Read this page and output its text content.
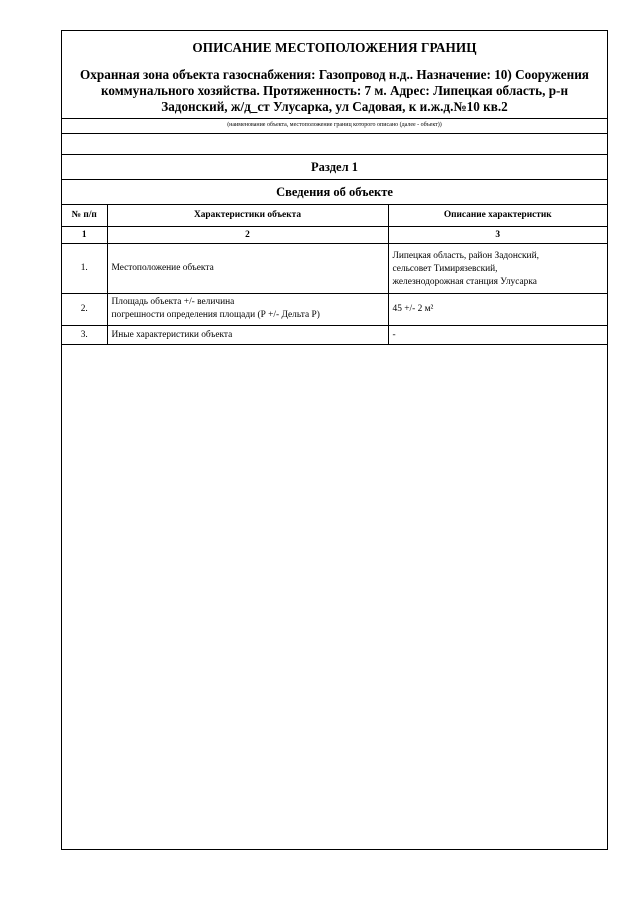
ОПИСАНИЕ МЕСТОПОЛОЖЕНИЯ ГРАНИЦ
Охранная зона объекта газоснабжения: Газопровод н.д.. Назначение: 10) Сооружения коммунального хозяйства. Протяженность: 7 м. Адрес: Липецкая область, р-н Задонский, ж/д_ст Улусарка, ул Садовая, к и.ж.д.№10 кв.2
(наименование объекта, местоположение границ которого описано (далее - объект))
Раздел 1
Сведения об объекте
№ п/п	Характеристики объекта	Описание характеристик
1	2	3
1.	Местоположение объекта	Липецкая область, район Задонский,
сельсовет Тимирязевский,
железнодорожная станция Улусарка

2.	Площадь объекта +/- величина
погрешности определения площади (Р +/- Дельта Р)	45 +/- 2 м²
3.	Иные характеристики объекта	-
